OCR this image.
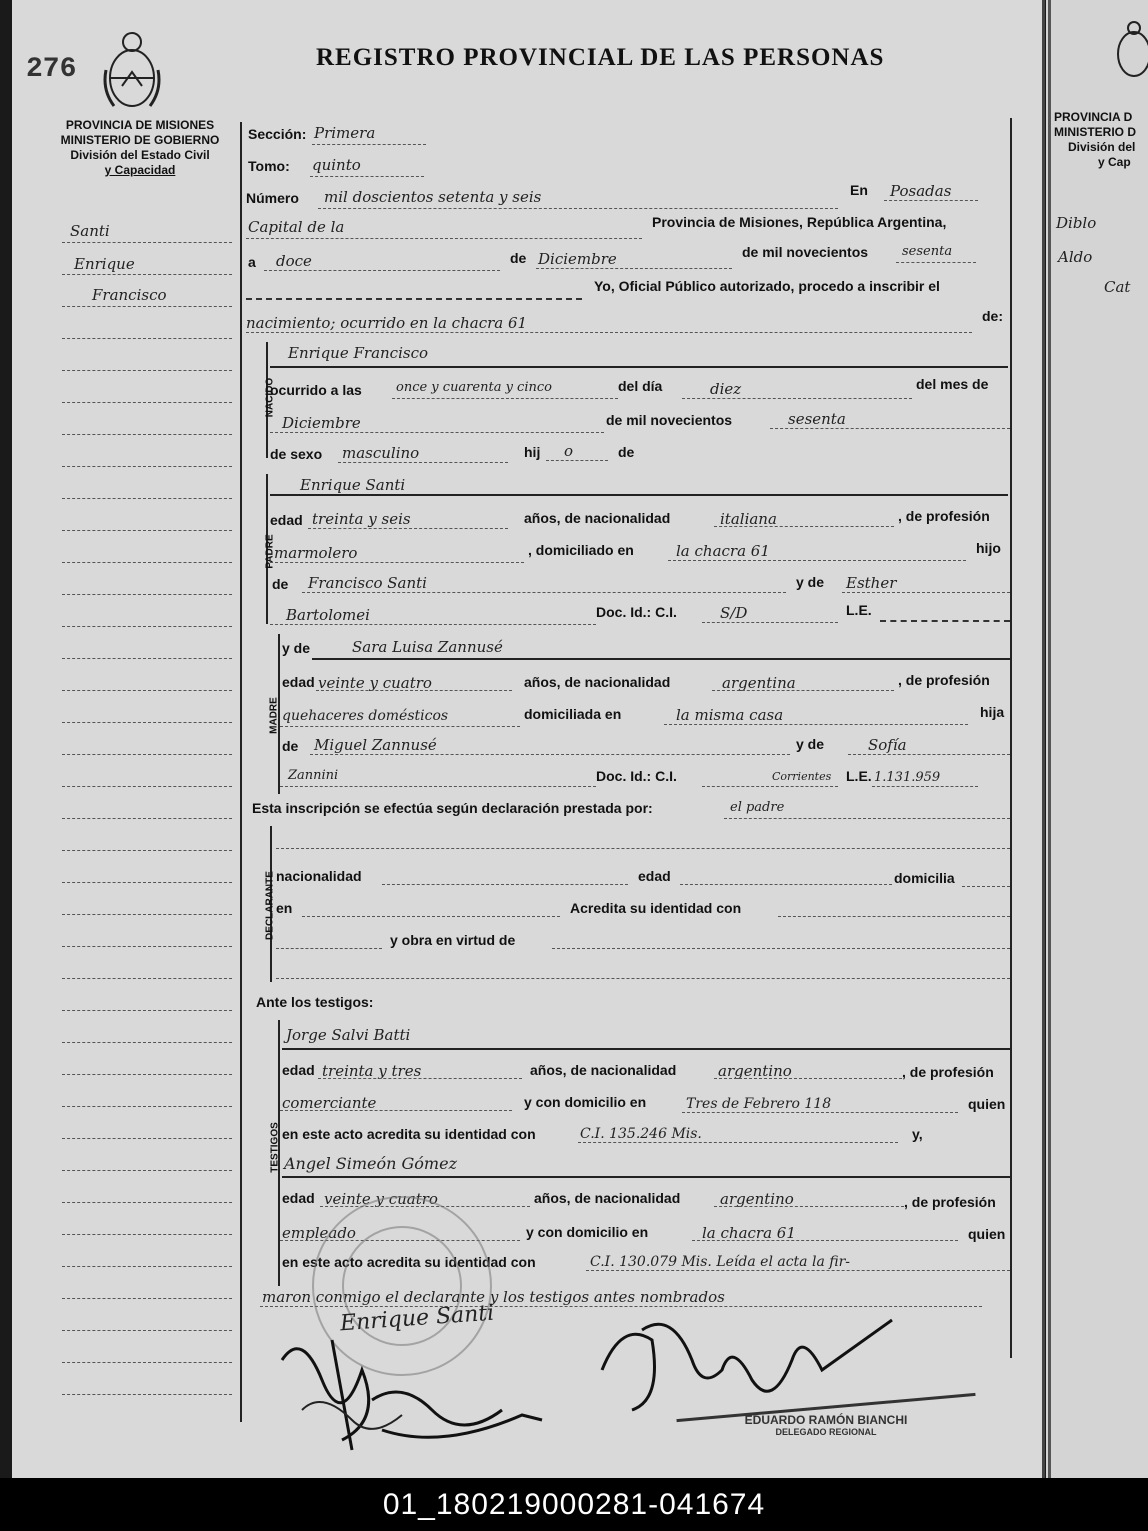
276	REGISTRO PROVINCIAL DE LAS PERSONAS
PROVINCIA DE MISIONES
MINISTERIO DE GOBIERNO
División del Estado Civil
y Capacidad
Santi
Enrique
Francisco
Sección: Primera
Tomo: quinto
Número mil doscientos setenta y seis	En Posadas
Capital de la	Provincia de Misiones, República Argentina,
a doce	de Diciembre	de mil novecientos	sesenta
Yo, Oficial Público autorizado, procedo a inscribir el
nacimiento; ocurrido en la chacra 61	de:
NACIDO
Enrique Francisco
ocurrido a las	once y cuarenta y cinco	del día	diez	del mes de
Diciembre	de mil novecientos	sesenta
de sexo masculino	hij o	de
PADRE
Enrique Santi
edad treinta y seis	años, de nacionalidad	italiana	, de profesión
marmolero	, domiciliado en	la chacra 61	hijo
de Francisco Santi	y de Esther
Bartolomei	Doc. Id.: C.I.	S/D	L.E.
MADRE
y de	Sara Luisa Zannusé
edad veinte y cuatro	años, de nacionalidad	argentina	, de profesión
quehaceres domésticos	domiciliada en	la misma casa	hija
de Miguel Zannusé	y de	Sofía
Zannini	Doc. Id.: C.I.	Corrientes L.E. 1.131.959
Esta inscripción se efectúa según declaración prestada por:	el padre
DECLARANTE nacionalidad	edad	domicilia
en	Acredita su identidad con
y obra en virtud de
Ante los testigos:
TESTIGOS
Jorge Salvi Batti
edad treinta y tres	años, de nacionalidad	argentino	, de profesión
comerciante	y con domicilio en	Tres de Febrero 118	quien
en este acto acredita su identidad con	C.I. 135.246 Mis.	y,
Angel Simeón Gómez
edad veinte y cuatro	años, de nacionalidad	argentino	, de profesión
empleado	y con domicilio en	la chacra 61	quien
en este acto acredita su identidad con	C.I. 130.079 Mis. Leída el acta la fir-
maron conmigo el declarante y los testigos antes nombrados
Enrique Santi
EDUARDO RAMÓN BIANCHI
DELEGADO REGIONAL
PROVINCIA D
MINISTERIO D
División del
y Cap
Diblo
Aldo
Cat
01_180219000281-041674
